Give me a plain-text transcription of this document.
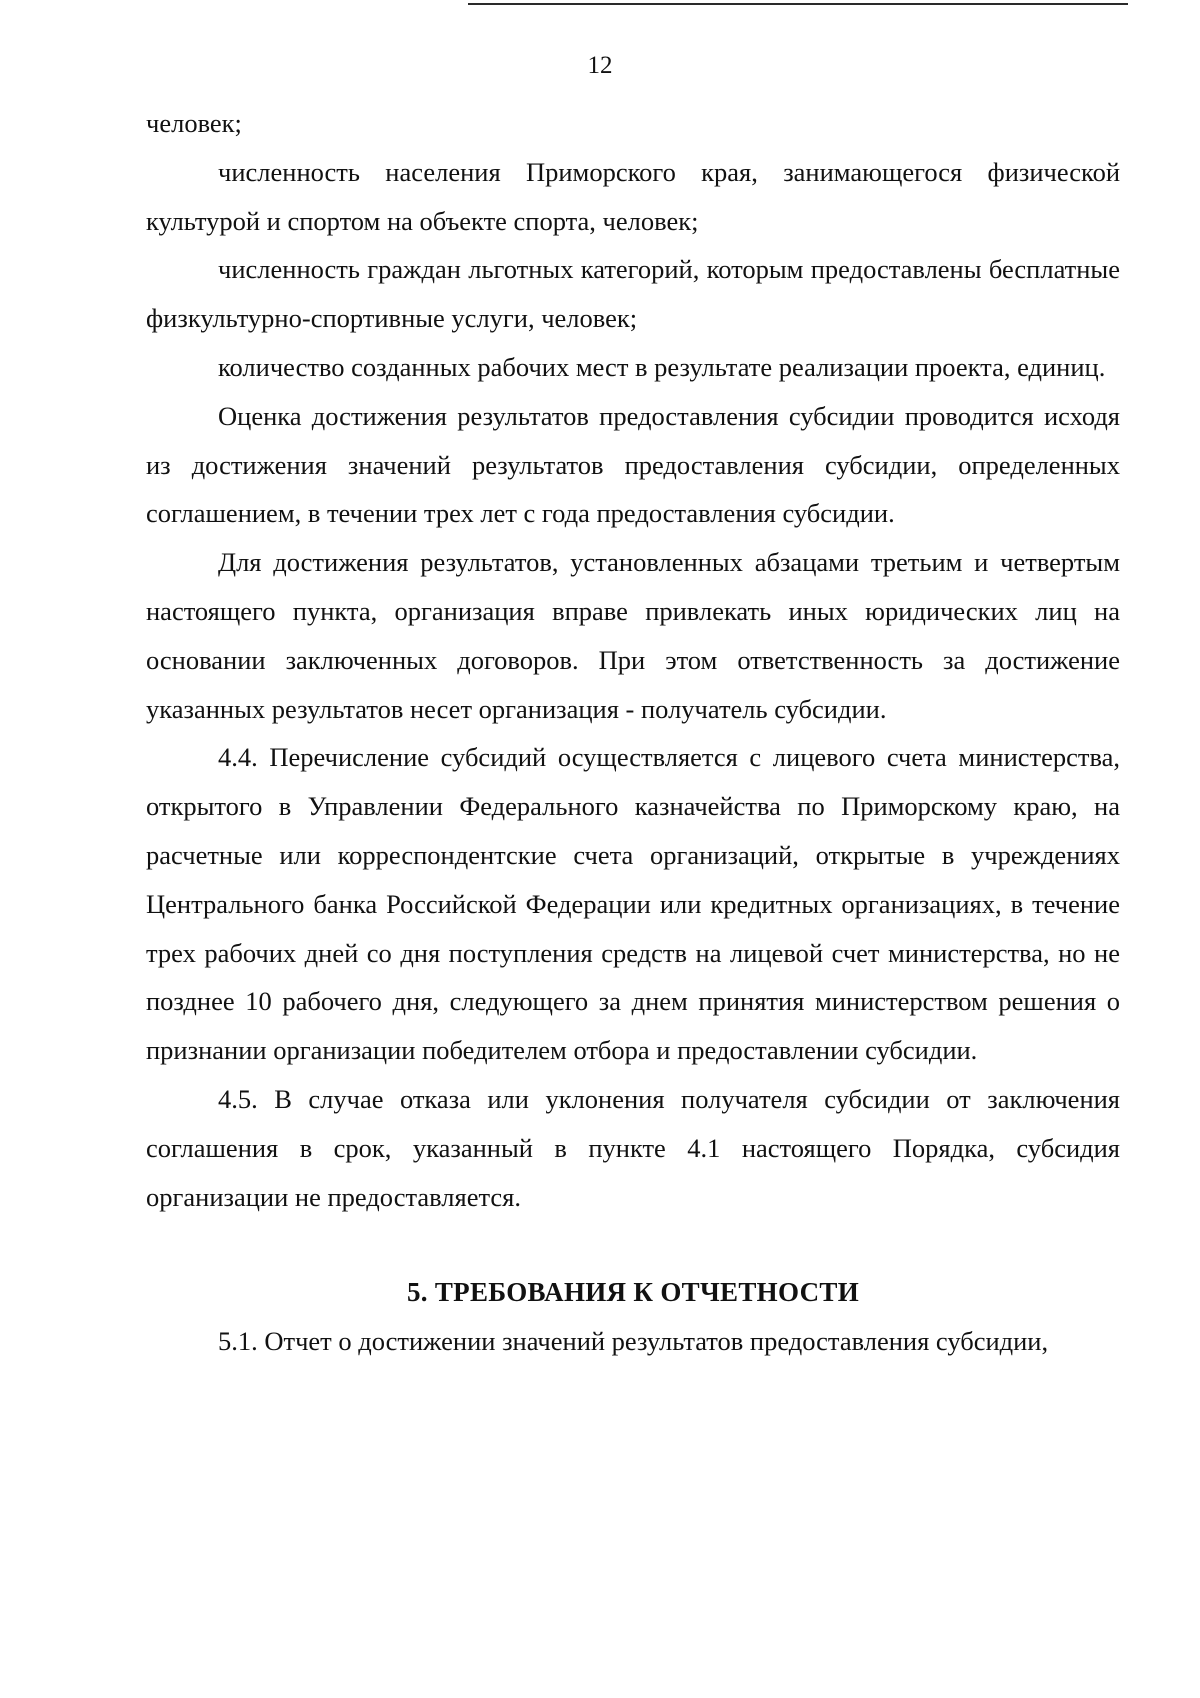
12

человек;

численность населения Приморского края, занимающегося физической культурой и спортом на объекте спорта, человек;

численность граждан льготных категорий, которым предоставлены бесплатные физкультурно-спортивные услуги, человек;

количество созданных рабочих мест в результате реализации проекта, единиц.

Оценка достижения результатов предоставления субсидии проводится исходя из достижения значений результатов предоставления субсидии, определенных соглашением, в течении трех лет с года предоставления субсидии.

Для достижения результатов, установленных абзацами третьим и четвертым настоящего пункта, организация вправе привлекать иных юридических лиц на основании заключенных договоров. При этом ответственность за достижение указанных результатов несет организация - получатель субсидии.

4.4. Перечисление субсидий осуществляется с лицевого счета министерства, открытого в Управлении Федерального казначейства по Приморскому краю, на расчетные или корреспондентские счета организаций, открытые в учреждениях Центрального банка Российской Федерации или кредитных организациях, в течение трех рабочих дней со дня поступления средств на лицевой счет министерства, но не позднее 10 рабочего дня, следующего за днем принятия министерством решения о признании организации победителем отбора и предоставлении субсидии.

4.5. В случае отказа или уклонения получателя субсидии от заключения соглашения в срок, указанный в пункте 4.1 настоящего Порядка, субсидия организации не предоставляется.

5. ТРЕБОВАНИЯ К ОТЧЕТНОСТИ

5.1. Отчет о достижении значений результатов предоставления субсидии,
